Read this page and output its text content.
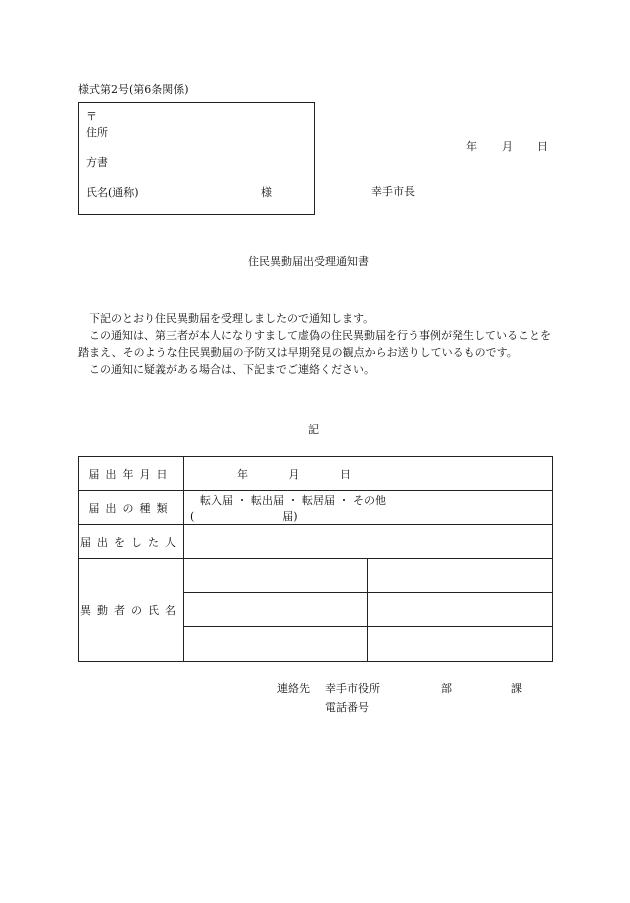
様式第2号(第6条関係)
〒
住所
方書
氏名(通称)	様
年 月 日
幸手市長
住民異動届出受理通知書

下記のとおり住民異動届を受理しましたので通知します。

この通知は、第三者が本人になりすまして虚偽の住民異動届を行う事例が発生していることを踏まえ、そのような住民異動届の予防又は早期発見の観点からお送りしているものです。

この通知に疑義がある場合は、下記までご連絡ください。

記
届出年月日	年 月 日	
届出の種類	転入届 ・ 転出届 ・ 転居届 ・ その他
( 届)	

届出をした人		
異動者の氏名		

連絡先 幸手市役所	部	課
電話番号
